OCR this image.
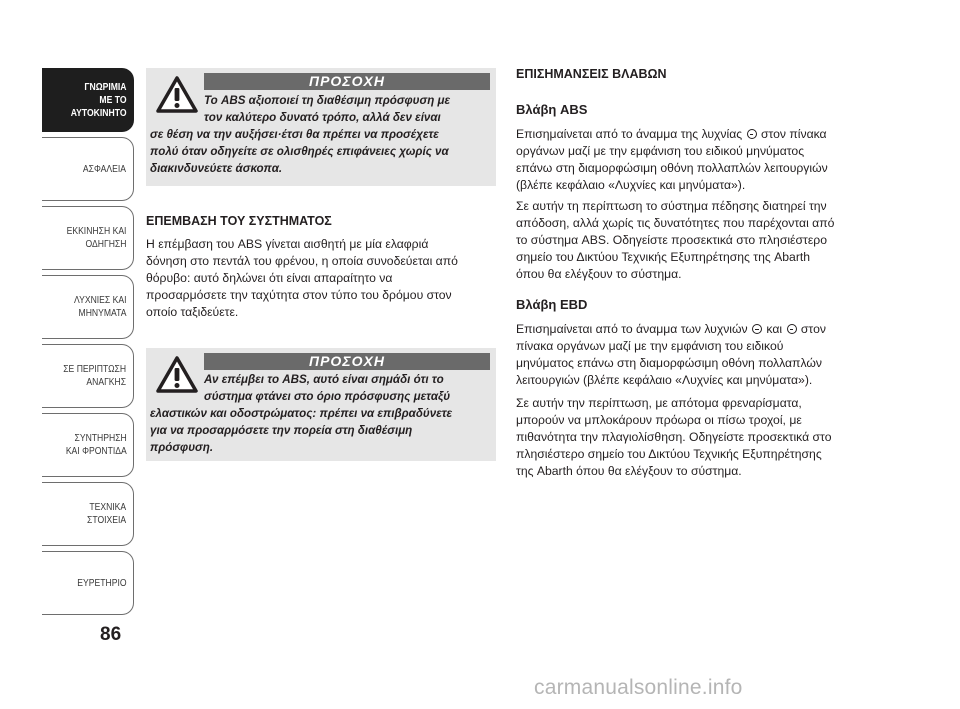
ΓΝΩΡΙΜΙΑ
ΜΕ ΤΟ
ΑΥΤΟΚΙΝΗΤΟ
ΑΣΦΑΛΕΙΑ
ΕΚΚΙΝΗΣΗ ΚΑΙ
ΟΔΗΓΗΣΗ
ΛΥΧΝΙΕΣ ΚΑΙ
ΜΗΝΥΜΑΤΑ
ΣΕ ΠΕΡΙΠΤΩΣΗ
ΑΝΑΓΚΗΣ
ΣΥΝΤΗΡΗΣΗ
ΚΑΙ ΦΡΟΝΤΙΔΑ
ΤΕΧΝΙΚΑ
ΣΤΟΙΧΕΙΑ
ΕΥΡΕΤΗΡΙΟ
86
ΠΡΟΣΟΧΗ
Το ABS αξιοποιεί τη διαθέσιμη πρόσφυση με
τον καλύτερο δυνατό τρόπο, αλλά δεν είναι
σε θέση να την αυξήσει·έτσι θα πρέπει να προσέχετε
πολύ όταν οδηγείτε σε ολισθηρές επιφάνειες χωρίς να
διακινδυνεύετε άσκοπα.
ΕΠΕΜΒΑΣΗ ΤΟΥ ΣΥΣΤΗΜΑΤΟΣ
Η επέμβαση του ABS γίνεται αισθητή με μία ελαφριά
δόνηση στο πεντάλ του φρένου, η οποία συνοδεύεται από
θόρυβο: αυτό δηλώνει ότι είναι απαραίτητο να
προσαρμόσετε την ταχύτητα στον τύπο του δρόμου στον
οποίο ταξιδεύετε.
ΠΡΟΣΟΧΗ
Αν επέμβει το ABS, αυτό είναι σημάδι ότι το
σύστημα φτάνει στο όριο πρόσφυσης μεταξύ
ελαστικών και οδοστρώματος: πρέπει να επιβραδύνετε
για να προσαρμόσετε την πορεία στη διαθέσιμη
πρόσφυση.
ΕΠΙΣΗΜΑΝΣΕΙΣ ΒΛΑΒΩΝ
Βλάβη ABS
Επισημαίνεται από το άναμμα της λυχνίας στον πίνακα
οργάνων μαζί με την εμφάνιση του ειδικού μηνύματος
επάνω στη διαμορφώσιμη οθόνη πολλαπλών λειτουργιών
(βλέπε κεφάλαιο «Λυχνίες και μηνύματα»).
Σε αυτήν τη περίπτωση το σύστημα πέδησης διατηρεί την
απόδοση, αλλά χωρίς τις δυνατότητες που παρέχονται από
το σύστημα ABS. Οδηγείστε προσεκτικά στο πλησιέστερο
σημείο του Δικτύου Τεχνικής Εξυπηρέτησης της Abarth
όπου θα ελέγξουν το σύστημα.
Βλάβη EBD
Επισημαίνεται από το άναμμα των λυχνιών και στον
πίνακα οργάνων μαζί με την εμφάνιση του ειδικού
μηνύματος επάνω στη διαμορφώσιμη οθόνη πολλαπλών
λειτουργιών (βλέπε κεφάλαιο «Λυχνίες και μηνύματα»).
Σε αυτήν την περίπτωση, με απότομα φρεναρίσματα,
μπορούν να μπλοκάρουν πρόωρα οι πίσω τροχοί, με
πιθανότητα την πλαγιολίσθηση. Οδηγείστε προσεκτικά στο
πλησιέστερο σημείο του Δικτύου Τεχνικής Εξυπηρέτησης
της Abarth όπου θα ελέγξουν το σύστημα.
carmanualsonline.info
